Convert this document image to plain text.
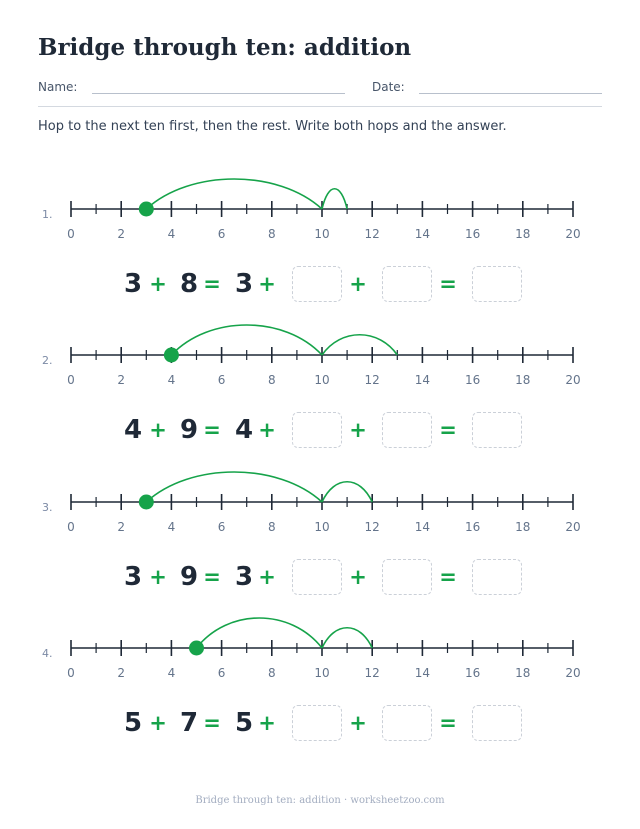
Bridge through ten: addition
Name:	Date:

Hop to the next ten first, then the rest. Write both hops and the answer.

1.
0	2	4	6	8	10	12	14	16	18	20
3 + 8 = 3 +	+	=
2.
0	2	4	6	8	10	12	14	16	18	20
4 + 9 = 4 +	+	=
3.
0	2	4	6	8	10	12	14	16	18	20
3 + 9 = 3 +	+	=
4.
0	2	4	6	8	10	12	14	16	18	20
5 + 7 = 5 +	+	=
Bridge through ten: addition · worksheetzoo.com
